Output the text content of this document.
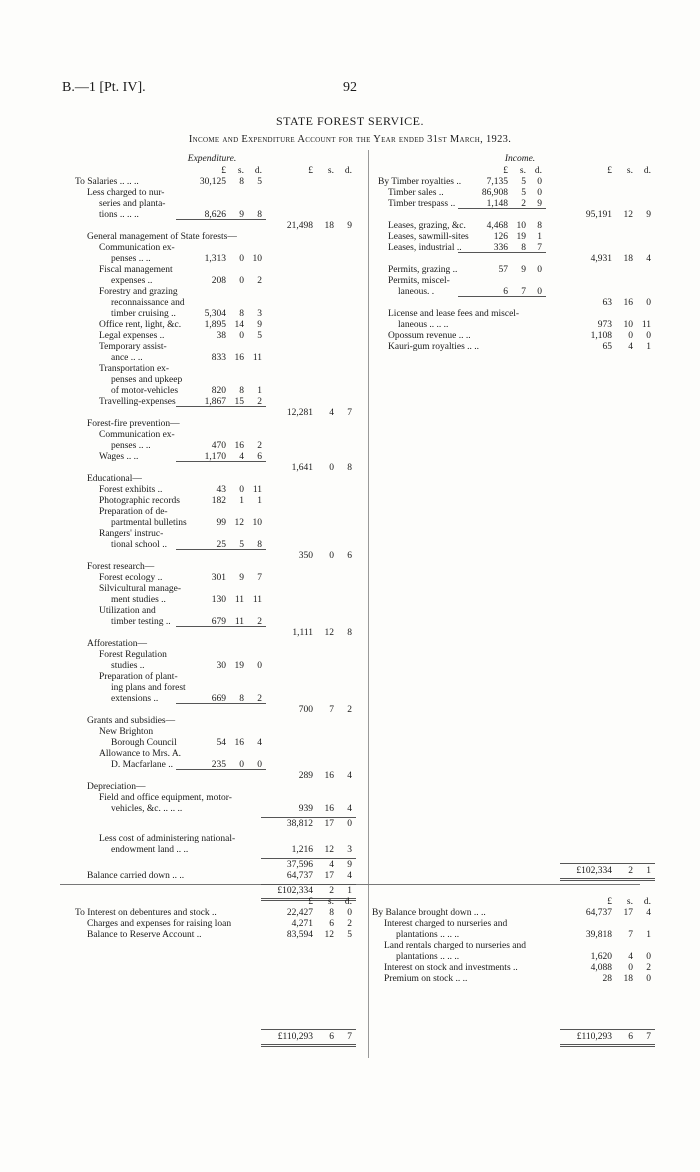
B.—1 [Pt. IV].	92
STATE FOREST SERVICE.
Income and Expenditure Account for the Year ended 31st March, 1923.
Expenditure.	Income.
£	s.	d.	£	s.	d.
To Salaries .. .. ..	30,125	8	5
Less charged to nur-
series and planta-
tions .. .. ..	8,626	9	8
21,498	18	9
General management of State forests—
Communication ex-
penses .. ..	1,313	0 10
Fiscal management
expenses ..	208	0	2
Forestry and grazing
reconnaissance and
timber cruising ..	5,304	8	3
Office rent, light, &c.	1,895 14	9
Legal expenses ..	38	0	5
Temporary assist-
ance .. ..	833 16 11
Transportation ex-
penses and upkeep
of motor-vehicles	820	8	1
Travelling-expenses	1,867 15	2
12,281	4	7
Forest-fire prevention—
Communication ex-
penses .. ..	470 16	2
Wages .. ..	1,170	4	6
1,641	0	8
Educational—
Forest exhibits ..	43	0 11
Photographic records	182	1	1
Preparation of de-
partmental bulletins	99 12 10
Rangers' instruc-
tional school ..	25	5	8
350	0	6
Forest research—
Forest ecology ..	301	9	7
Silvicultural manage-
ment studies ..	130 11 11
Utilization and
timber testing ..	679 11	2
1,111	12	8
Afforestation—
Forest Regulation
studies ..	30 19	0
Preparation of plant-
ing plans and forest
extensions ..	669	8	2
700	7	2
Grants and subsidies—
New Brighton
Borough Council	54 16	4
Allowance to Mrs. A.
D. Macfarlane ..	235	0	0
289	16	4
Depreciation—
Field and office equipment, motor-
vehicles, &c. .. .. ..	939	16	4
38,812	17	0
Less cost of administering national-
endowment land .. ..	1,216	12	3
37,596	4	9
Balance carried down .. ..	64,737	17	4
£102,334	2	1
£	s. d.	£	s.	d.
By Timber royalties ..	7,135	5	0
Timber sales ..	86,908	5	0
Timber trespass ..	1,148	2	9
95,191	12	9
Leases, grazing, &c.	4,468 10	8
Leases, sawmill-sites	126 19	1
Leases, industrial ..	336	8	7
4,931	18	4
Permits, grazing ..	57	9	0
Permits, miscel-
laneous. .	6	7	0
63	16	0
License and lease fees and miscel-
laneous .. .. ..	973	10 11
Opossum revenue .. ..	1,108	0	0
Kauri-gum royalties .. ..	65	4	1
£102,334	2	1
£	s.	d.
To Interest on debentures and stock ..	22,427	8	0
Charges and expenses for raising loan	4,271	6	2
Balance to Reserve Account ..	83,594	12	5
£110,293	6	7
£	s.	d.
By Balance brought down .. ..	64,737	17	4
Interest charged to nurseries and
plantations .. .. ..	39,818	7	1
Land rentals charged to nurseries and
plantations .. .. ..	1,620	4	0
Interest on stock and investments ..	4,088	0	2
Premium on stock .. ..	28	18	0
£110,293	6	7
